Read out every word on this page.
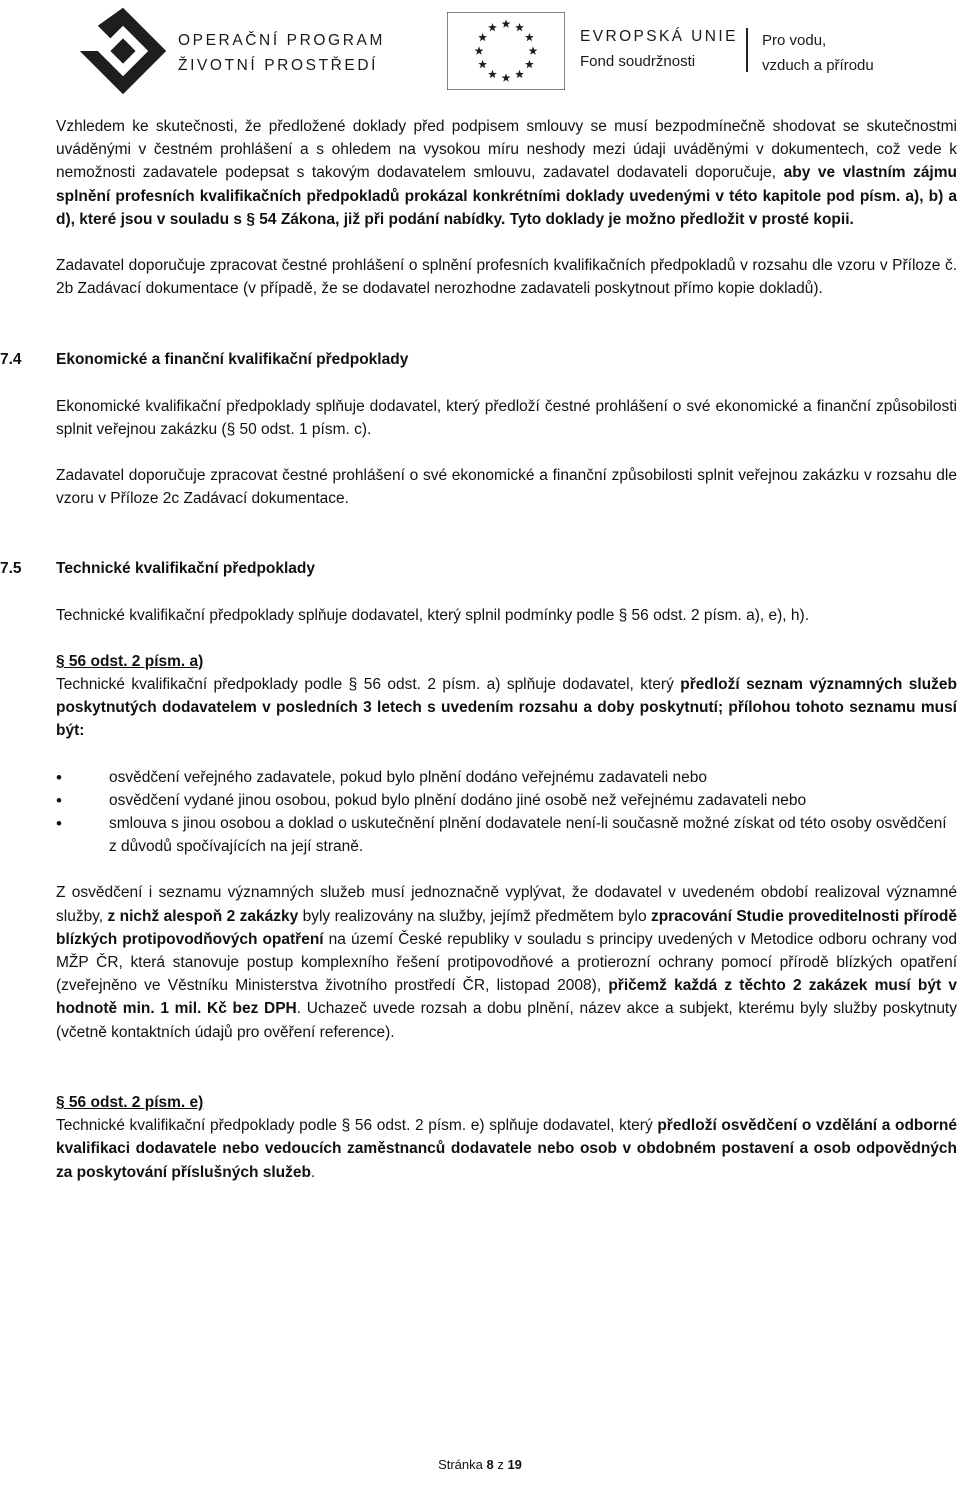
OPERAČNÍ PROGRAM
ŽIVOTNÍ PROSTŘEDÍ
EVROPSKÁ UNIE
Fond soudržnosti
Pro vodu,
vzduch a přírodu

Vzhledem ke skutečnosti, že předložené doklady před podpisem smlouvy se musí bezpodmínečně shodovat se skutečnostmi uváděnými v čestném prohlášení a s ohledem na vysokou míru neshody mezi údaji uváděnými v dokumentech, což vede k nemožnosti zadavatele podepsat s takovým dodavatelem smlouvu, zadavatel dodavateli doporučuje, aby ve vlastním zájmu splnění profesních kvalifikačních předpokladů prokázal konkrétními doklady uvedenými v této kapitole pod písm. a), b) a d), které jsou v souladu s § 54 Zákona, již při podání nabídky. Tyto doklady je možno předložit v prosté kopii.

Zadavatel doporučuje zpracovat čestné prohlášení o splnění profesních kvalifikačních předpokladů v rozsahu dle vzoru v Příloze č. 2b Zadávací dokumentace (v případě, že se dodavatel nerozhodne zadavateli poskytnout přímo kopie dokladů).

7.4 Ekonomické a finanční kvalifikační předpoklady

Ekonomické kvalifikační předpoklady splňuje dodavatel, který předloží čestné prohlášení o své ekonomické a finanční způsobilosti splnit veřejnou zakázku (§ 50 odst. 1 písm. c).

Zadavatel doporučuje zpracovat čestné prohlášení o své ekonomické a finanční způsobilosti splnit veřejnou zakázku v rozsahu dle vzoru v Příloze 2c Zadávací dokumentace.

7.5 Technické kvalifikační předpoklady

Technické kvalifikační předpoklady splňuje dodavatel, který splnil podmínky podle § 56 odst. 2 písm. a), e), h).

§ 56 odst. 2 písm. a)

Technické kvalifikační předpoklady podle § 56 odst. 2 písm. a) splňuje dodavatel, který předloží seznam významných služeb poskytnutých dodavatelem v posledních 3 letech s uvedením rozsahu a doby poskytnutí; přílohou tohoto seznamu musí být:

• osvědčení veřejného zadavatele, pokud bylo plnění dodáno veřejnému zadavateli nebo
• osvědčení vydané jinou osobou, pokud bylo plnění dodáno jiné osobě než veřejnému zadavateli nebo
• smlouva s jinou osobou a doklad o uskutečnění plnění dodavatele není-li současně možné získat od této osoby osvědčení z důvodů spočívajících na její straně.

Z osvědčení i seznamu významných služeb musí jednoznačně vyplývat, že dodavatel v uvedeném období realizoval významné služby, z nichž alespoň 2 zakázky byly realizovány na služby, jejímž předmětem bylo zpracování Studie proveditelnosti přírodě blízkých protipovodňových opatření na území České republiky v souladu s principy uvedených v Metodice odboru ochrany vod MŽP ČR, která stanovuje postup komplexního řešení protipovodňové a protierozní ochrany pomocí přírodě blízkých opatření (zveřejněno ve Věstníku Ministerstva životního prostředí ČR, listopad 2008), přičemž každá z těchto 2 zakázek musí být v hodnotě min. 1 mil. Kč bez DPH. Uchazeč uvede rozsah a dobu plnění, název akce a subjekt, kterému byly služby poskytnuty (včetně kontaktních údajů pro ověření reference).

§ 56 odst. 2 písm. e)

Technické kvalifikační předpoklady podle § 56 odst. 2 písm. e) splňuje dodavatel, který předloží osvědčení o vzdělání a odborné kvalifikaci dodavatele nebo vedoucích zaměstnanců dodavatele nebo osob v obdobném postavení a osob odpovědných za poskytování příslušných služeb.

Stránka 8 z 19
